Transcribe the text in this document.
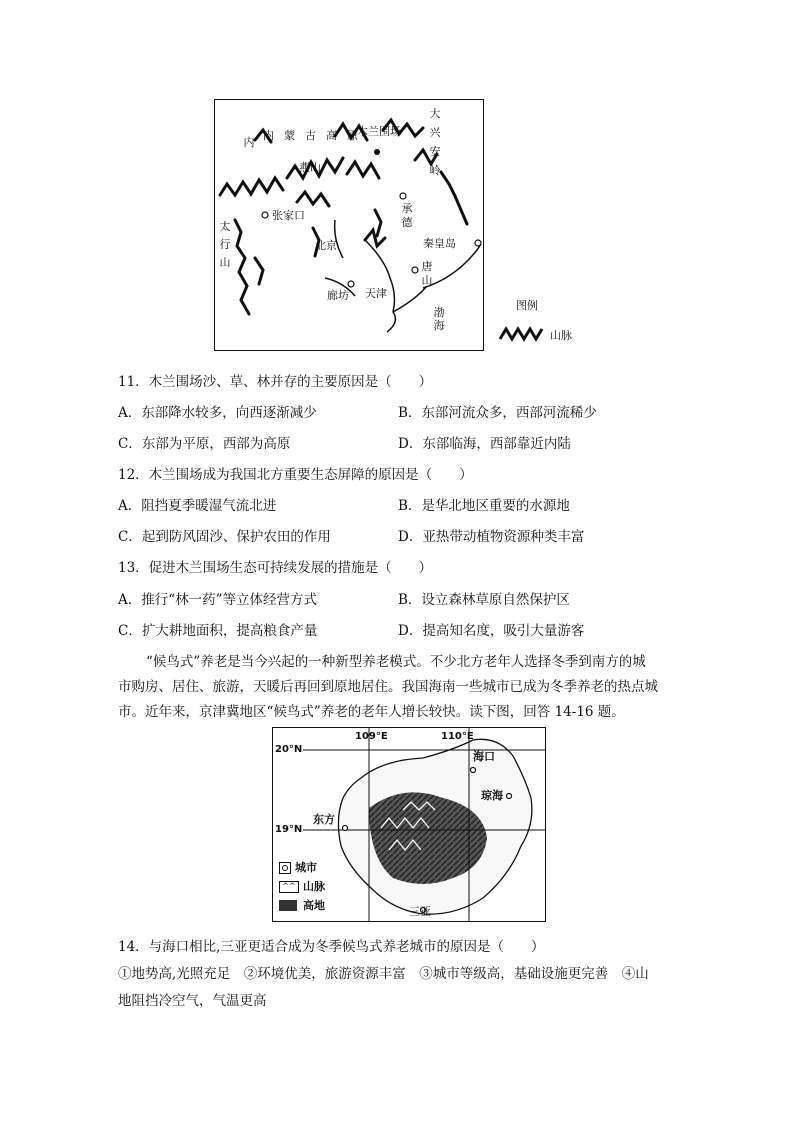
内
内蒙古高原
木兰围场
大兴安岭
燕山
张家口
承德
太行山
北京	秦皇岛
唐山
廊坊 天津
渤海
图例
山脉
11．木兰围场沙、草、林并存的主要原因是（　　）
A．东部降水较多，向西逐渐减少	B．东部河流众多，西部河流稀少
C．东部为平原，西部为高原	D．东部临海，西部靠近内陆
12．木兰围场成为我国北方重要生态屏障的原因是（　　）
A．阻挡夏季暖湿气流北进	B．是华北地区重要的水源地
C．起到防风固沙、保护农田的作用	D．亚热带动植物资源种类丰富
13．促进木兰围场生态可持续发展的措施是（　　）
A．推行“林一药”等立体经营方式	B．设立森林草原自然保护区
C．扩大耕地面积，提高粮食产量	D．提高知名度，吸引大量游客
“候鸟式”养老是当今兴起的一种新型养老模式。不少北方老年人选择冬季到南方的城
市购房、居住、旅游，天暖后再回到原地居住。我国海南一些城市已成为冬季养老的热点城
市。近年来，京津冀地区“候鸟式”养老的老年人增长较快。读下图，回答 14-16 题。
109°E	110°E
20°N
19°N
海口
琼海
东方
三亚
城市
^^ 山脉
高地
14．与海口相比,三亚更适合成为冬季候鸟式养老城市的原因是（　　）
①地势高,光照充足　②环境优美，旅游资源丰富　③城市等级高，基础设施更完善　④山
地阻挡冷空气，气温更高
